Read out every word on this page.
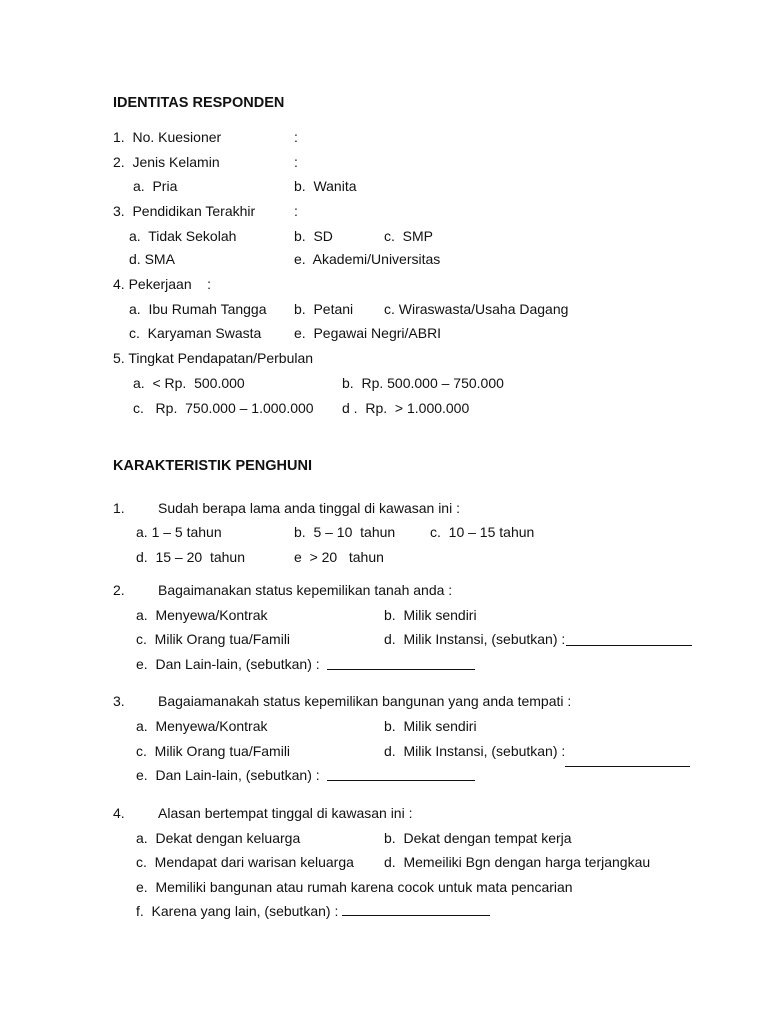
IDENTITAS RESPONDEN
1.  No. Kuesioner	:
2.  Jenis Kelamin	:
a.  Pria	b.  Wanita
3.  Pendidikan Terakhir	:
a.  Tidak Sekolah	b.  SD	c.  SMP
d. SMA	e.  Akademi/Universitas
4. Pekerjaan    :
a.  Ibu Rumah Tangga b.  Petani c. Wiraswasta/Usaha Dagang
c.  Karyaman Swasta e.  Pegawai Negri/ABRI
5. Tingkat Pendapatan/Perbulan
a.  < Rp.  500.000	b.  Rp. 500.000 – 750.000
c.   Rp.  750.000 – 1.000.000 d .  Rp.  > 1.000.000
KARAKTERISTIK PENGHUNI
1. Sudah berapa lama anda tinggal di kawasan ini :
a. 1 – 5 tahun	b.  5 – 10  tahun c.  10 – 15 tahun
d.  15 – 20  tahun	e  > 20   tahun
2. Bagaimanakan status kepemilikan tanah anda :
a.  Menyewa/Kontrak	b.  Milik sendiri
c.  Milik Orang tua/Famili	d.  Milik Instansi, (sebutkan) :
e.  Dan Lain-lain, (sebutkan) :
3. Bagaiamanakah status kepemilikan bangunan yang anda tempati :
a.  Menyewa/Kontrak	b.  Milik sendiri
c.  Milik Orang tua/Famili	d.  Milik Instansi, (sebutkan) :
e.  Dan Lain-lain, (sebutkan) :
4. Alasan bertempat tinggal di kawasan ini :
a.  Dekat dengan keluarga	b.  Dekat dengan tempat kerja
c.  Mendapat dari warisan keluarga d.  Memeiliki Bgn dengan harga terjangkau
e.  Memiliki bangunan atau rumah karena cocok untuk mata pencarian
f.  Karena yang lain, (sebutkan) :
